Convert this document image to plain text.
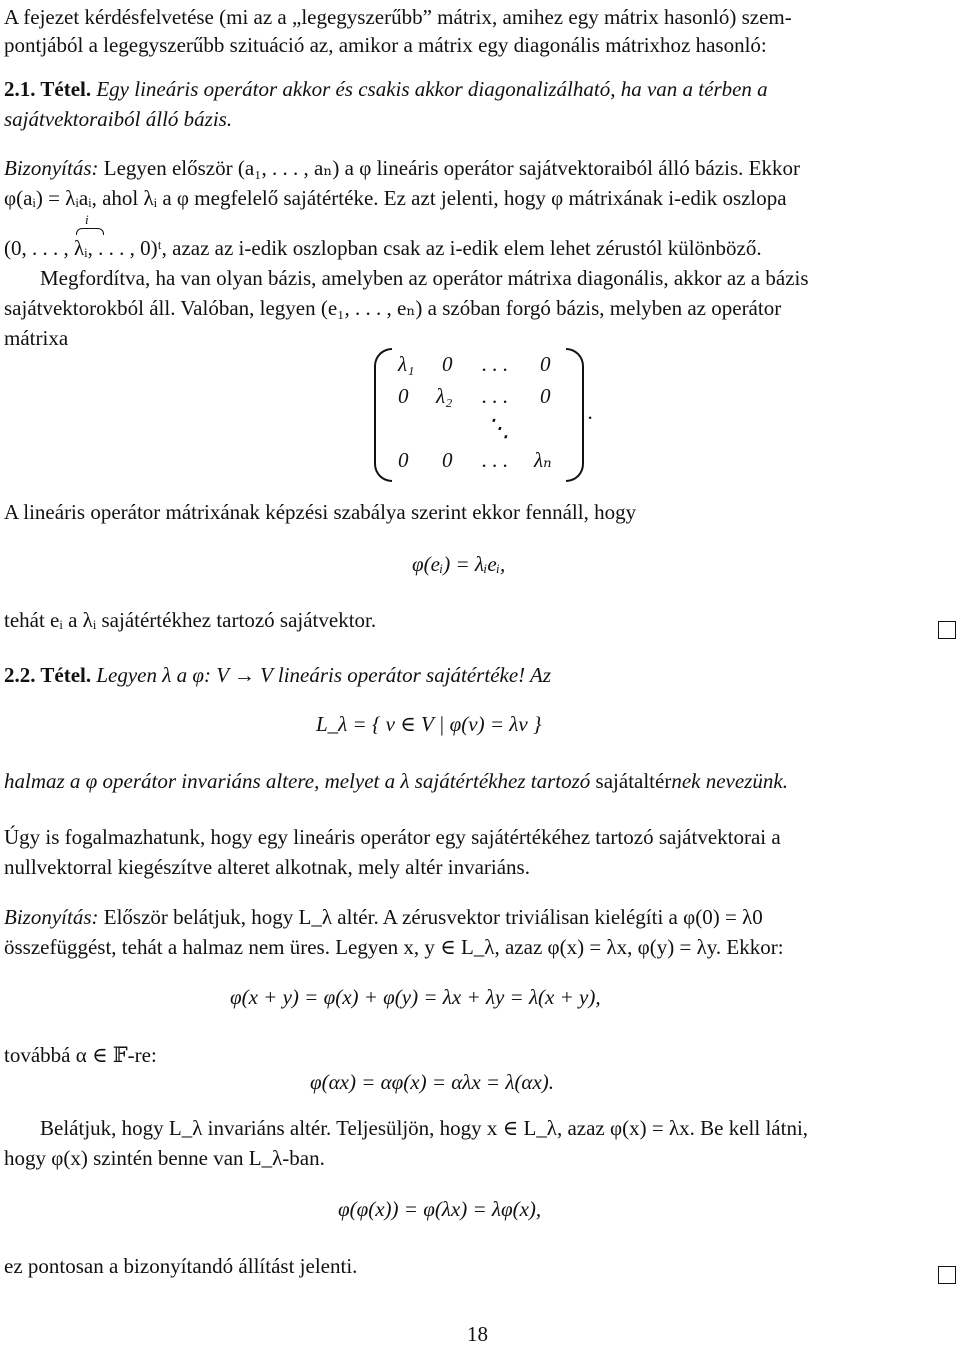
A fejezet kérdésfelvetése (mi az a „legegyszerűbb” mátrix, amihez egy mátrix hasonló) szem-
pontjából a legegyszerűbb szituáció az, amikor a mátrix egy diagonális mátrixhoz hasonló:
2.1. Tétel. Egy lineáris operátor akkor és csakis akkor diagonalizálható, ha van a térben a
sajátvektoraiból álló bázis.
Bizonyítás: Legyen először (a₁, . . . , aₙ) a φ lineáris operátor sajátvektoraiból álló bázis. Ekkor
φ(aᵢ) = λᵢaᵢ, ahol λᵢ a φ megfelelő sajátértéke. Ez azt jelenti, hogy φ mátrixának i-edik oszlopa
i
(0, . . . , λᵢ, . . . , 0)ᵗ, azaz az i-edik oszlopban csak az i-edik elem lehet zérustól különböző.
Megfordítva, ha van olyan bázis, amelyben az operátor mátrixa diagonális, akkor az a bázis
sajátvektorokból áll. Valóban, legyen (e₁, . . . , eₙ) a szóban forgó bázis, melyben az operátor
mátrixa
λ₁ 0 . . . 0
0 λ₂ . . . 0
⋱
0 0 . . . λₙ
.
A lineáris operátor mátrixának képzési szabálya szerint ekkor fennáll, hogy
φ(eᵢ) = λᵢeᵢ,
tehát eᵢ a λᵢ sajátértékhez tartozó sajátvektor.
2.2. Tétel. Legyen λ a φ: V → V lineáris operátor sajátértéke! Az
L_λ = { v ∈ V | φ(v) = λv }
halmaz a φ operátor invariáns altere, melyet a λ sajátértékhez tartozó sajátaltérnek nevezünk.
Úgy is fogalmazhatunk, hogy egy lineáris operátor egy sajátértékéhez tartozó sajátvektorai a
nullvektorral kiegészítve alteret alkotnak, mely altér invariáns.
Bizonyítás: Először belátjuk, hogy L_λ altér. A zérusvektor triviálisan kielégíti a φ(0) = λ0
összefüggést, tehát a halmaz nem üres. Legyen x, y ∈ L_λ, azaz φ(x) = λx, φ(y) = λy. Ekkor:
φ(x + y) = φ(x) + φ(y) = λx + λy = λ(x + y),
továbbá α ∈ 𝔽-re:
φ(αx) = αφ(x) = αλx = λ(αx).
Belátjuk, hogy L_λ invariáns altér. Teljesüljön, hogy x ∈ L_λ, azaz φ(x) = λx. Be kell látni,
hogy φ(x) szintén benne van L_λ-ban.
φ(φ(x)) = φ(λx) = λφ(x),
ez pontosan a bizonyítandó állítást jelenti.
18
